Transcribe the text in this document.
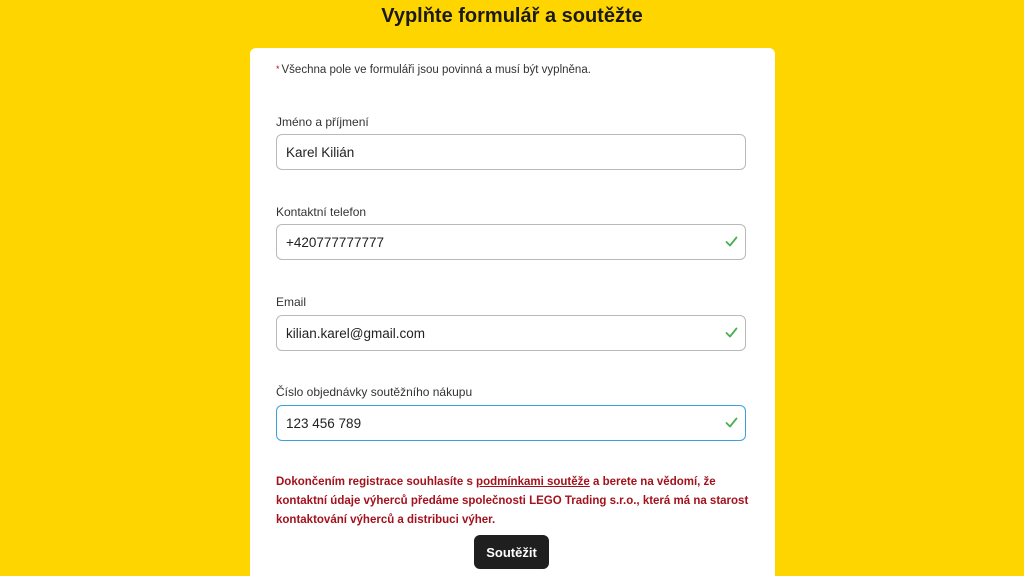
Vyplňte formulář a soutěžte
* Všechna pole ve formuláři jsou povinná a musí být vyplněna.
Jméno a příjmení
Karel Kilián
Kontaktní telefon
+420777777777
Email
kilian.karel@gmail.com
Číslo objednávky soutěžního nákupu
123 456 789
Dokončením registrace souhlasíte s podmínkami soutěže a berete na vědomí, že kontaktní údaje výherců předáme společnosti LEGO Trading s.r.o., která má na starost kontaktování výherců a distribuci výher.
Soutěžit
